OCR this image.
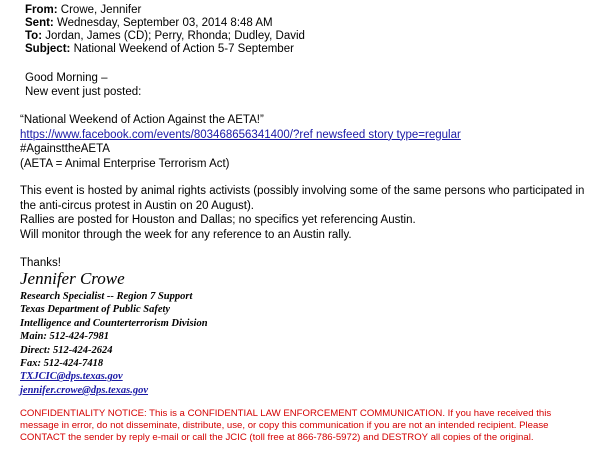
From: Crowe, Jennifer
Sent: Wednesday, September 03, 2014 8:48 AM
To: Jordan, James (CD); Perry, Rhonda; Dudley, David
Subject: National Weekend of Action 5-7 September
Good Morning –
New event just posted:
“National Weekend of Action Against the AETA!”
https://www.facebook.com/events/803468656341400/?ref newsfeed story type=regular
#AgainsttheAETA
(AETA = Animal Enterprise Terrorism Act)

This event is hosted by animal rights activists (possibly involving some of the same persons who participated in the anti-circus protest in Austin on 20 August).

Rallies are posted for Houston and Dallas; no specifics yet referencing Austin.

Will monitor through the week for any reference to an Austin rally.

Thanks!
Jennifer Crowe
Research Specialist -- Region 7 Support
Texas Department of Public Safety
Intelligence and Counterterrorism Division
Main: 512-424-7981
Direct: 512-424-2624
Fax: 512-424-7418
TXJCIC@dps.texas.gov
jennifer.crowe@dps.texas.gov
CONFIDENTIALITY NOTICE: This is a CONFIDENTIAL LAW ENFORCEMENT COMMUNICATION. If you have received this message in error, do not disseminate, distribute, use, or copy this communication if you are not an intended recipient. Please CONTACT the sender by reply e-mail or call the JCIC (toll free at 866-786-5972) and DESTROY all copies of the original.
